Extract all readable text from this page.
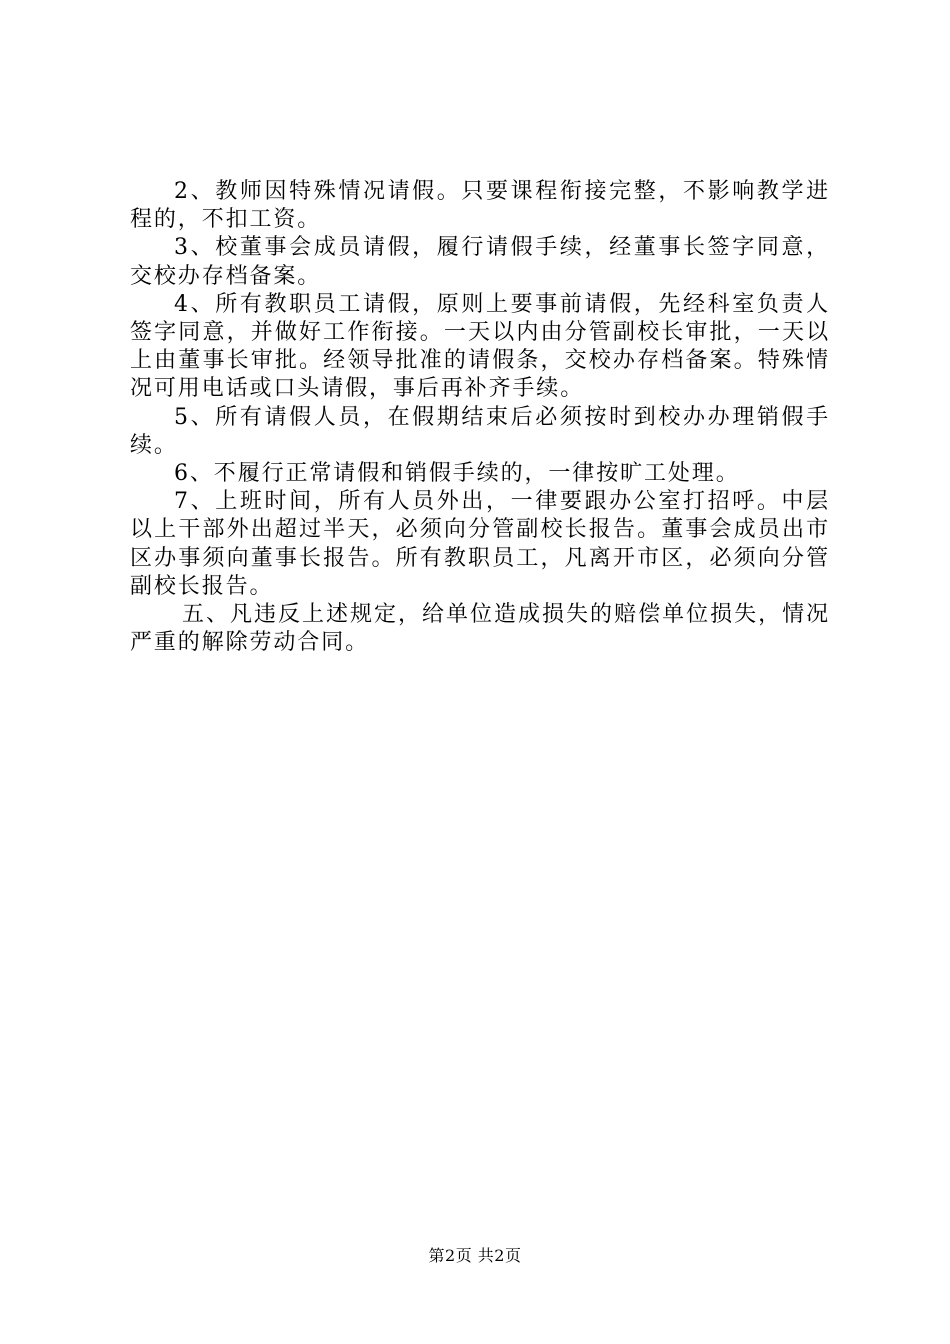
2、教师因特殊情况请假。只要课程衔接完整，不影响教学进程的，不扣工资。

3、校董事会成员请假，履行请假手续，经董事长签字同意，交校办存档备案。

4、所有教职员工请假，原则上要事前请假，先经科室负责人签字同意，并做好工作衔接。一天以内由分管副校长审批，一天以上由董事长审批。经领导批准的请假条，交校办存档备案。特殊情况可用电话或口头请假，事后再补齐手续。

5、所有请假人员，在假期结束后必须按时到校办办理销假手续。

6、不履行正常请假和销假手续的，一律按旷工处理。

7、上班时间，所有人员外出，一律要跟办公室打招呼。中层以上干部外出超过半天，必须向分管副校长报告。董事会成员出市区办事须向董事长报告。所有教职员工，凡离开市区，必须向分管副校长报告。

五、凡违反上述规定，给单位造成损失的赔偿单位损失，情况严重的解除劳动合同。

第2页 共2页
